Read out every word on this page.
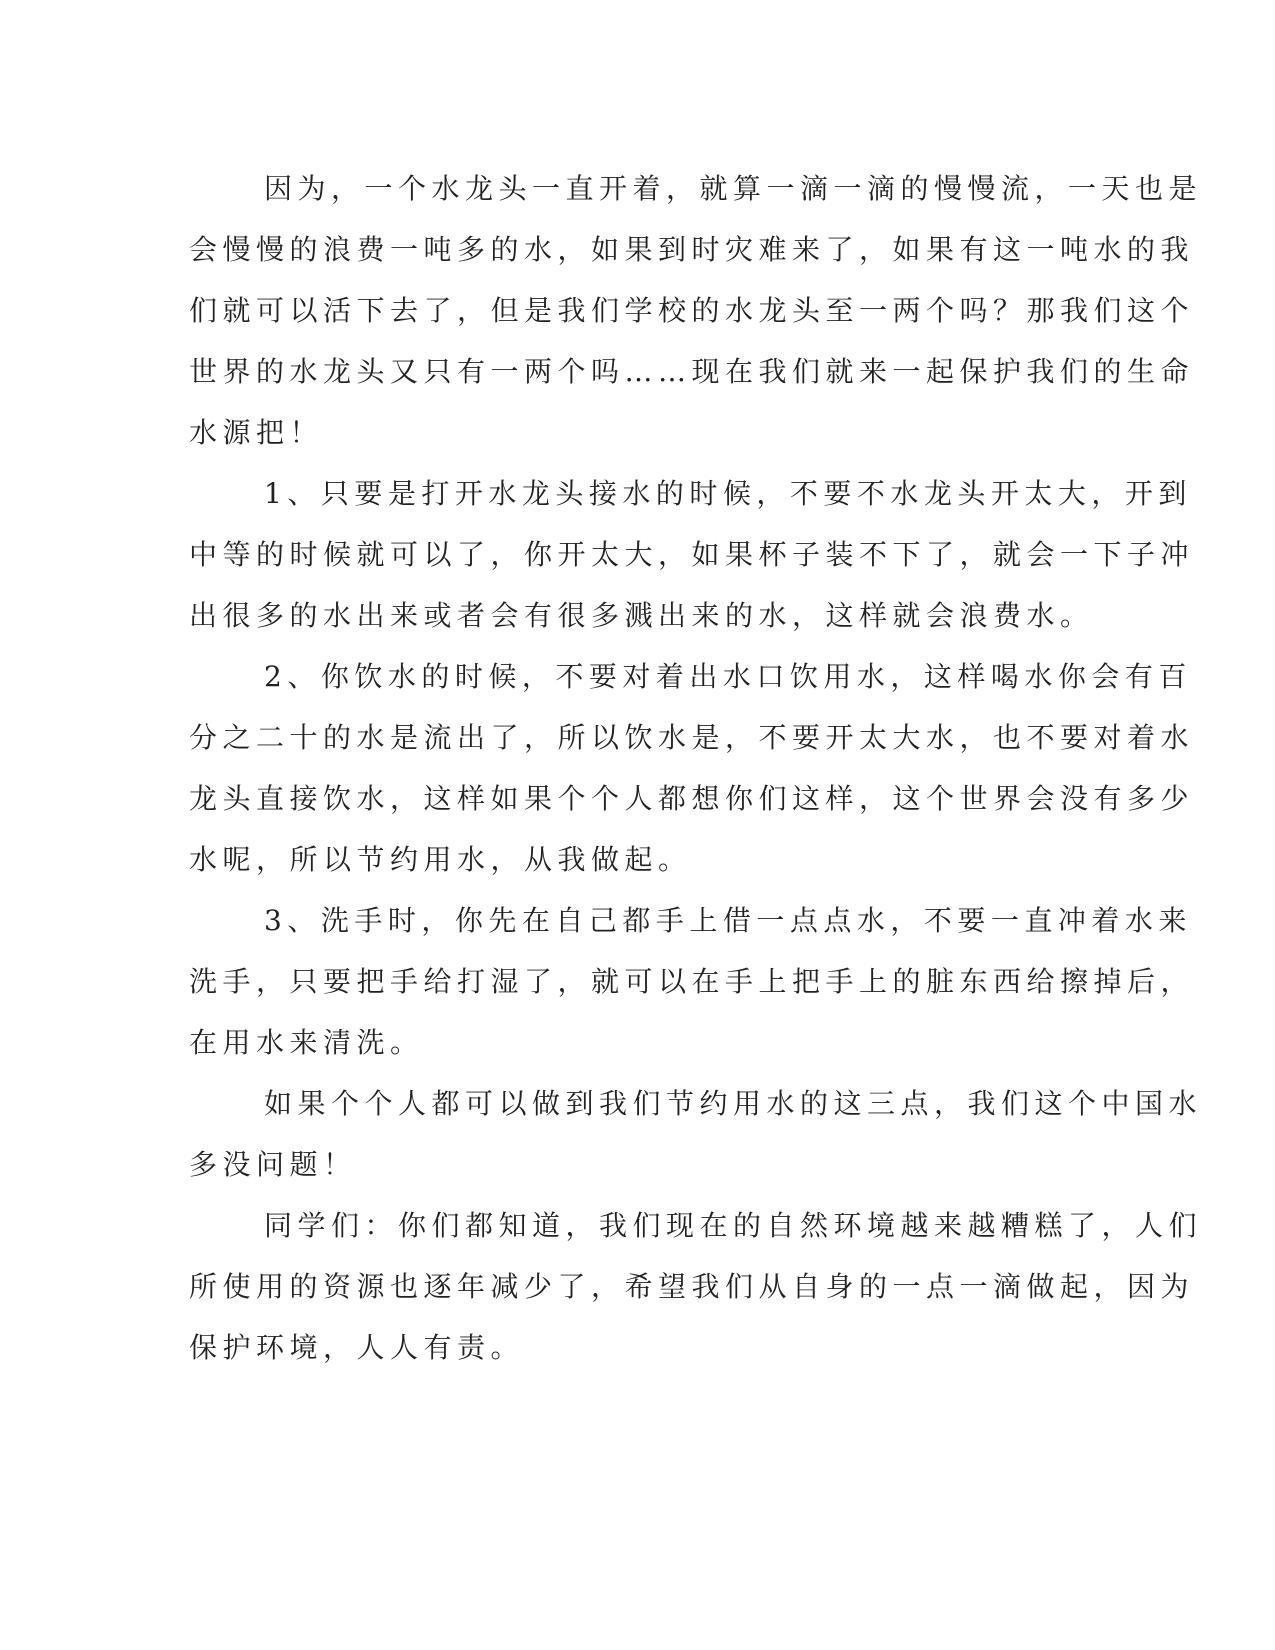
因为，一个水龙头一直开着，就算一滴一滴的慢慢流，一天也是
会慢慢的浪费一吨多的水，如果到时灾难来了，如果有这一吨水的我
们就可以活下去了，但是我们学校的水龙头至一两个吗？那我们这个
世界的水龙头又只有一两个吗……现在我们就来一起保护我们的生命
水源把！
1、只要是打开水龙头接水的时候，不要不水龙头开太大，开到
中等的时候就可以了，你开太大，如果杯子装不下了，就会一下子冲
出很多的水出来或者会有很多溅出来的水，这样就会浪费水。
2、你饮水的时候，不要对着出水口饮用水，这样喝水你会有百
分之二十的水是流出了，所以饮水是，不要开太大水，也不要对着水
龙头直接饮水，这样如果个个人都想你们这样，这个世界会没有多少
水呢，所以节约用水，从我做起。
3、洗手时，你先在自己都手上借一点点水，不要一直冲着水来
洗手，只要把手给打湿了，就可以在手上把手上的脏东西给擦掉后，
在用水来清洗。
如果个个人都可以做到我们节约用水的这三点，我们这个中国水
多没问题！
同学们：你们都知道，我们现在的自然环境越来越糟糕了，人们
所使用的资源也逐年减少了，希望我们从自身的一点一滴做起，因为
保护环境，人人有责。
